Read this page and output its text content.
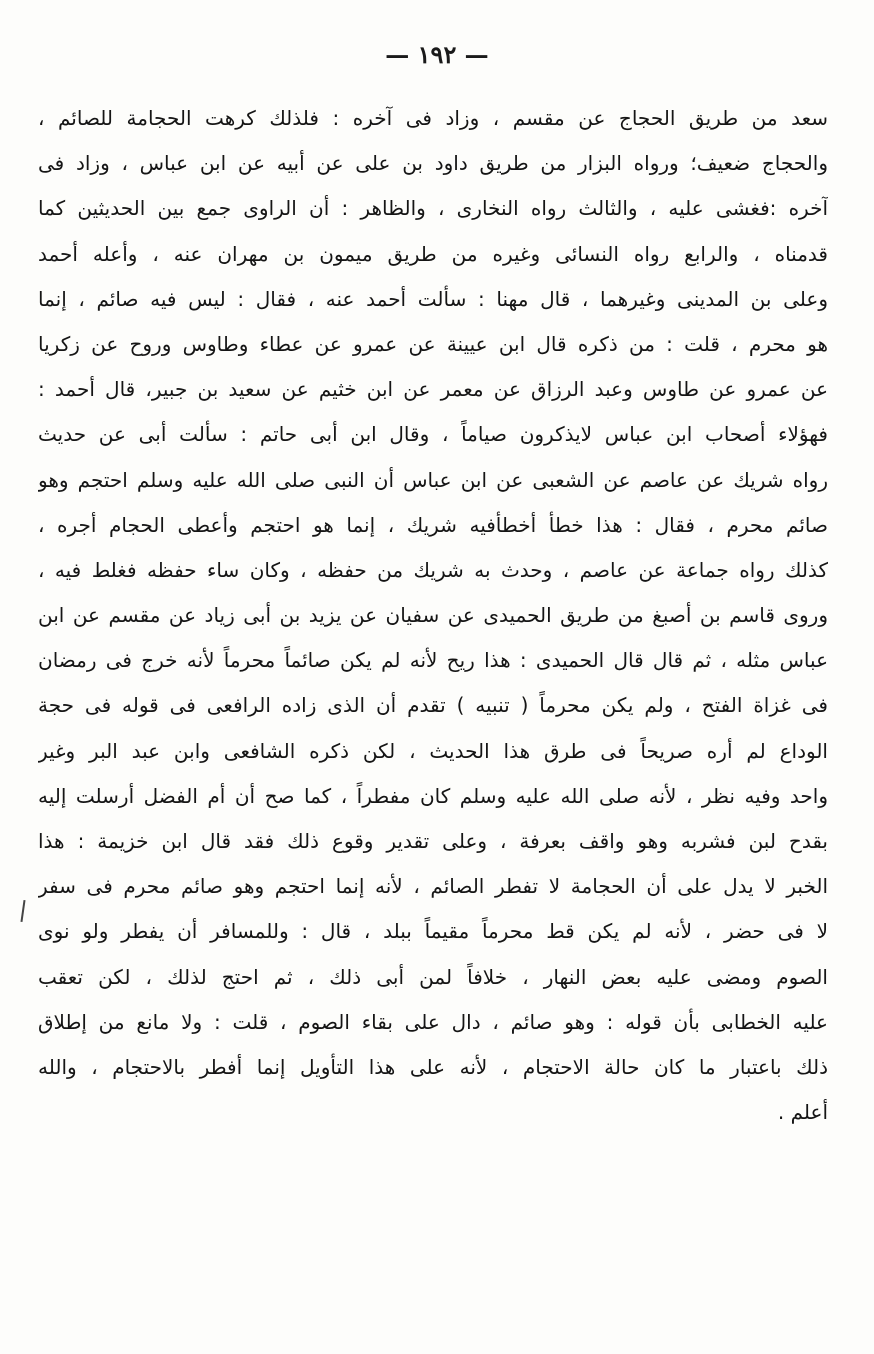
— ١٩٢ —
سعد من طريق الحجاج عن مقسم ، وزاد فى آخره : فلذلك كرهت الحجامة للصائم ،
والحجاج ضعيف؛ ورواه البزار من طريق داود بن على عن أبيه عن ابن عباس ، وزاد فى
آخره :فغشى عليه ، والثالث رواه النخارى ، والظاهر : أن الراوى جمع بين الحديثين كما
قدمناه ، والرابع رواه النسائى وغيره من طريق ميمون بن مهران عنه ، وأعله أحمد
وعلى بن المدينى وغيرهما ، قال مهنا : سألت أحمد عنه ، فقال : ليس فيه صائم ، إنما
هو محرم ، قلت : من ذكره قال ابن عيينة عن عمرو عن عطاء وطاوس وروح عن زكريا
عن عمرو عن طاوس وعبد الرزاق عن معمر عن ابن خثيم عن سعيد بن جبير، قال أحمد :
فهؤلاء أصحاب ابن عباس لايذكرون صياماً ، وقال ابن أبى حاتم : سألت أبى عن حديث
رواه شريك عن عاصم عن الشعبى عن ابن عباس أن النبى صلى الله عليه وسلم احتجم وهو
صائم محرم ، فقال : هذا خطأ أخطأفيه شريك ، إنما هو احتجم وأعطى الحجام أجره ،
كذلك رواه جماعة عن عاصم ، وحدث به شريك من حفظه ، وكان ساء حفظه فغلط فيه ،
وروى قاسم بن أصبغ من طريق الحميدى عن سفيان عن يزيد بن أبى زياد عن مقسم عن ابن
عباس مثله ، ثم قال قال الحميدى : هذا ريح لأنه لم يكن صائماً محرماً لأنه خرج فى رمضان
فى غزاة الفتح ، ولم يكن محرماً ( تنبيه ) تقدم أن الذى زاده الرافعى فى قوله فى حجة
الوداع لم أره صريحاً فى طرق هذا الحديث ، لكن ذكره الشافعى وابن عبد البر وغير
واحد وفيه نظر ، لأنه صلى الله عليه وسلم كان مفطراً ، كما صح أن أم الفضل أرسلت إليه
بقدح لبن فشربه وهو واقف بعرفة ، وعلى تقدير وقوع ذلك فقد قال ابن خزيمة : هذا
الخبر لا يدل على أن الحجامة لا تفطر الصائم ، لأنه إنما احتجم وهو صائم محرم فى سفر
لا فى حضر ، لأنه لم يكن قط محرماً مقيماً ببلد ، قال : وللمسافر أن يفطر ولو نوى
الصوم ومضى عليه بعض النهار ، خلافاً لمن أبى ذلك ، ثم احتج لذلك ، لكن تعقب
عليه الخطابى بأن قوله : وهو صائم ، دال على بقاء الصوم ، قلت : ولا مانع من إطلاق
ذلك باعتبار ما كان حالة الاحتجام ، لأنه على هذا التأويل إنما أفطر بالاحتجام ، والله
أعلم .
